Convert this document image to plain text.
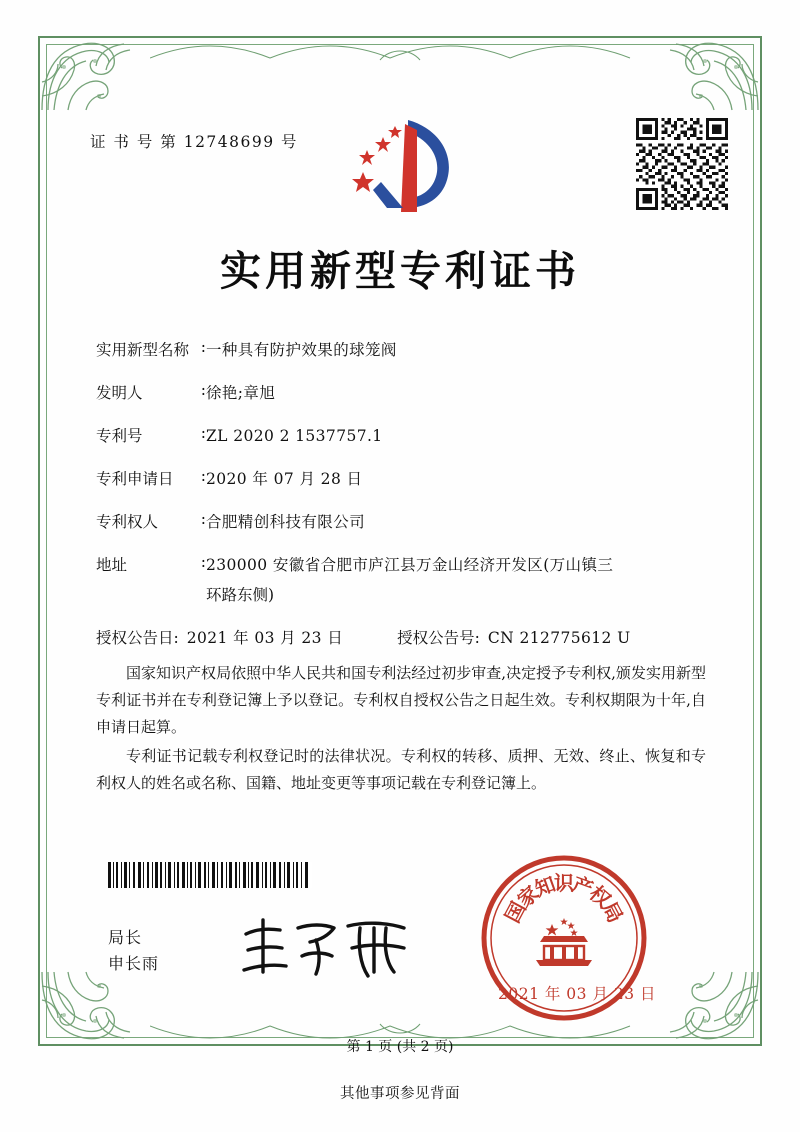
证 书 号 第 12748699 号
实用新型专利证书
实用新型名称 : 一种具有防护效果的球笼阀
发明人	: 徐艳;章旭
专利号	: ZL 2020 2 1537757.1
专利申请日 : 2020 年 07 月 28 日
专利权人	: 合肥精创科技有限公司
地址	: 230000 安徽省合肥市庐江县万金山经济开发区(万山镇三
环路东侧)
授权公告日: 2021 年 03 月 23 日	授权公告号: CN 212775612 U

国家知识产权局依照中华人民共和国专利法经过初步审查,决定授予专利权,颁发实用新型专利证书并在专利登记簿上予以登记。专利权自授权公告之日起生效。专利权期限为十年,自申请日起算。

专利证书记载专利权登记时的法律状况。专利权的转移、质押、无效、终止、恢复和专利权人的姓名或名称、国籍、地址变更等事项记载在专利登记簿上。

局长
申长雨
国
家
知
识
产
权
局
2021 年 03 月 23 日
第 1 页 (共 2 页)
其他事项参见背面
